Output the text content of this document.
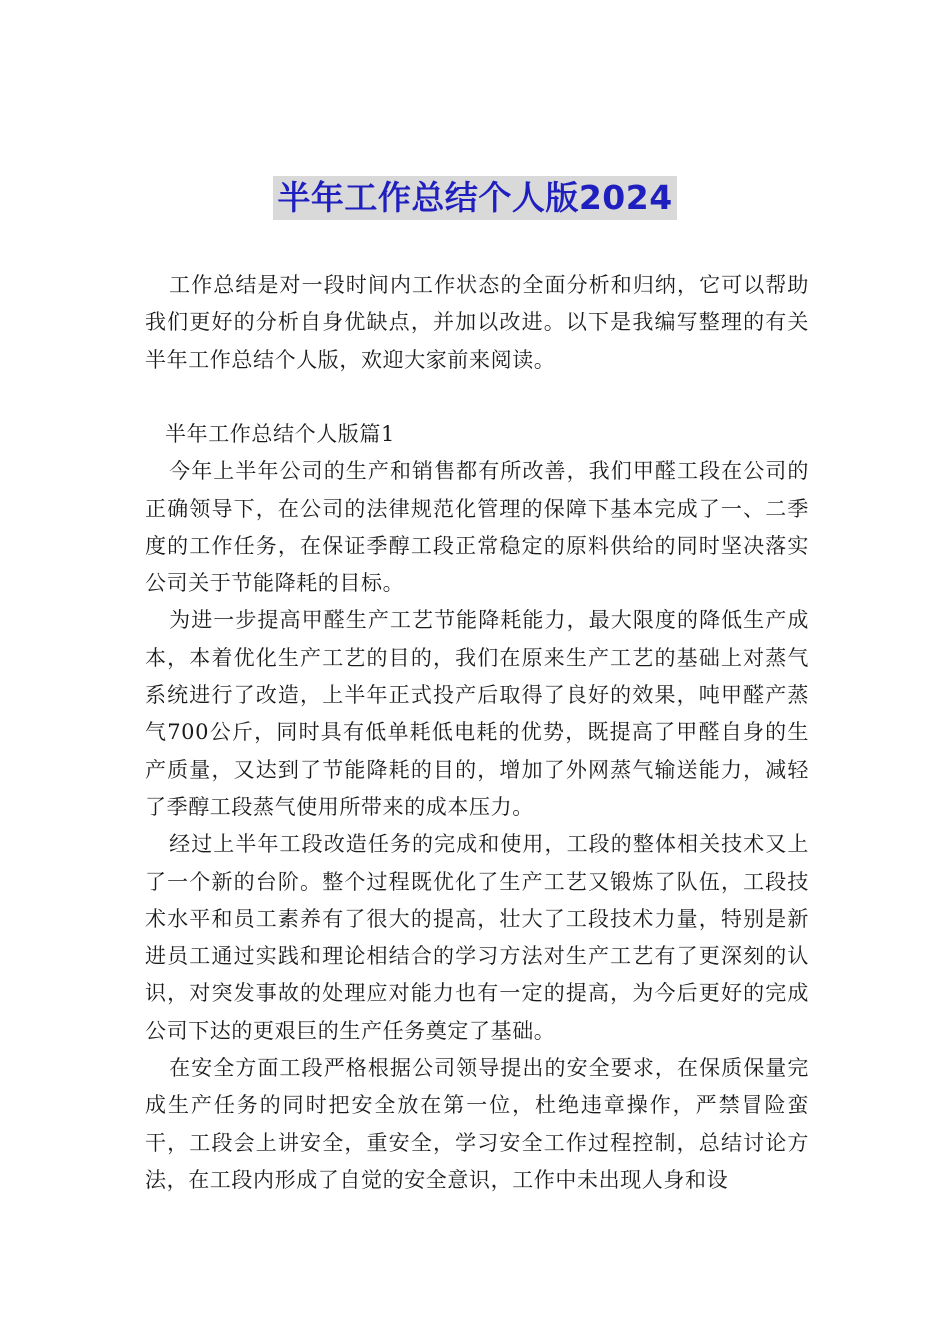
半年工作总结个人版2024

工作总结是对一段时间内工作状态的全面分析和归纳，它可以帮助我们更好的分析自身优缺点，并加以改进。以下是我编写整理的有关半年工作总结个人版，欢迎大家前来阅读。

半年工作总结个人版篇1

今年上半年公司的生产和销售都有所改善，我们甲醛工段在公司的正确领导下，在公司的法律规范化管理的保障下基本完成了一、二季度的工作任务，在保证季醇工段正常稳定的原料供给的同时坚决落实公司关于节能降耗的目标。

为进一步提高甲醛生产工艺节能降耗能力，最大限度的降低生产成本，本着优化生产工艺的目的，我们在原来生产工艺的基础上对蒸气系统进行了改造，上半年正式投产后取得了良好的效果，吨甲醛产蒸气700公斤，同时具有低单耗低电耗的优势，既提高了甲醛自身的生产质量，又达到了节能降耗的目的，增加了外网蒸气输送能力，减轻了季醇工段蒸气使用所带来的成本压力。

经过上半年工段改造任务的完成和使用，工段的整体相关技术又上了一个新的台阶。整个过程既优化了生产工艺又锻炼了队伍，工段技术水平和员工素养有了很大的提高，壮大了工段技术力量，特别是新进员工通过实践和理论相结合的学习方法对生产工艺有了更深刻的认识，对突发事故的处理应对能力也有一定的提高，为今后更好的完成公司下达的更艰巨的生产任务奠定了基础。

在安全方面工段严格根据公司领导提出的安全要求，在保质保量完成生产任务的同时把安全放在第一位，杜绝违章操作，严禁冒险蛮干，工段会上讲安全，重安全，学习安全工作过程控制，总结讨论方法，在工段内形成了自觉的安全意识，工作中未出现人身和设
